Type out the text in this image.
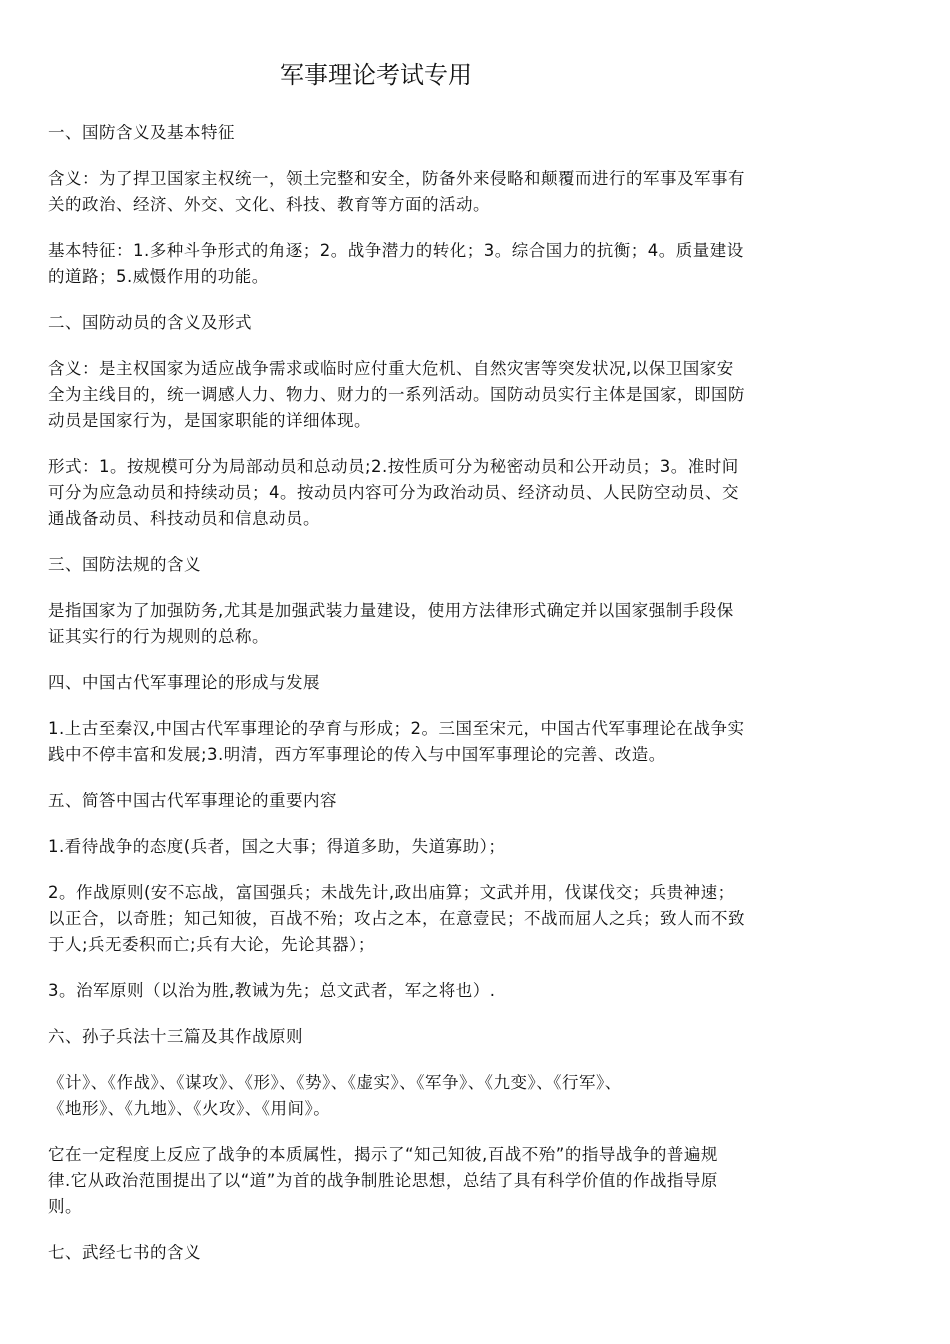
军事理论考试专用
一、国防含义及基本特征
含义：为了捍卫国家主权统一，领土完整和安全，防备外来侵略和颠覆而进行的军事及军事有
关的政治、经济、外交、文化、科技、教育等方面的活动。
基本特征：1.多种斗争形式的角逐；2。战争潜力的转化；3。综合国力的抗衡；4。质量建设
的道路；5.威慑作用的功能。
二、国防动员的含义及形式
含义：是主权国家为适应战争需求或临时应付重大危机、自然灾害等突发状况,以保卫国家安
全为主线目的，统一调感人力、物力、财力的一系列活动。国防动员实行主体是国家，即国防
动员是国家行为，是国家职能的详细体现。
形式：1。按规模可分为局部动员和总动员;2.按性质可分为秘密动员和公开动员；3。准时间
可分为应急动员和持续动员；4。按动员内容可分为政治动员、经济动员、人民防空动员、交
通战备动员、科技动员和信息动员。
三、国防法规的含义
是指国家为了加强防务,尤其是加强武装力量建设，使用方法律形式确定并以国家强制手段保
证其实行的行为规则的总称。
四、中国古代军事理论的形成与发展
1.上古至秦汉,中国古代军事理论的孕育与形成；2。三国至宋元，中国古代军事理论在战争实
践中不停丰富和发展;3.明清，西方军事理论的传入与中国军事理论的完善、改造。
五、简答中国古代军事理论的重要内容
1.看待战争的态度(兵者，国之大事；得道多助，失道寡助）；
2。作战原则(安不忘战，富国强兵；未战先计,政出庙算；文武并用，伐谋伐交；兵贵神速；
以正合，以奇胜；知己知彼，百战不殆；攻占之本，在意壹民；不战而屈人之兵；致人而不致
于人;兵无委积而亡;兵有大论，先论其器）；
3。治军原则（以治为胜,教诫为先；总文武者，军之将也）.
六、孙子兵法十三篇及其作战原则
《计》、《作战》、《谋攻》、《形》、《势》、《虚实》、《军争》、《九变》、《行军》、
《地形》、《九地》、《火攻》、《用间》。
它在一定程度上反应了战争的本质属性，揭示了“知己知彼,百战不殆”的指导战争的普遍规
律.它从政治范围提出了以“道”为首的战争制胜论思想，总结了具有科学价值的作战指导原
则。
七、武经七书的含义
